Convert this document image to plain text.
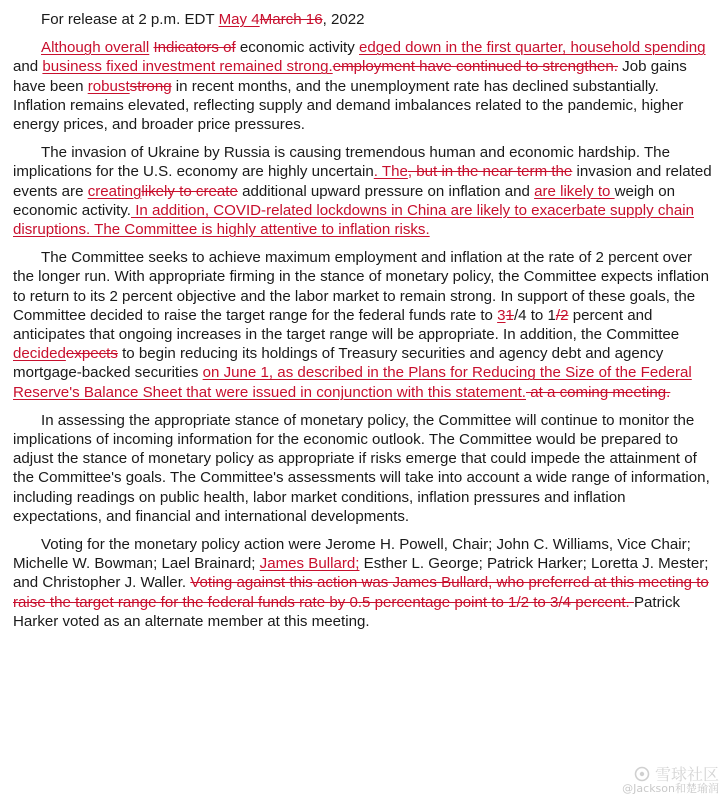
For release at 2 p.m. EDT May 4March 16, 2022

Although overall Indicators of economic activity edged down in the first quarter, household spending and business fixed investment remained strong.employment have continued to strengthen. Job gains have been robuststrong in recent months, and the unemployment rate has declined substantially. Inflation remains elevated, reflecting supply and demand imbalances related to the pandemic, higher energy prices, and broader price pressures.

The invasion of Ukraine by Russia is causing tremendous human and economic hardship. The implications for the U.S. economy are highly uncertain. The, but in the near term the invasion and related events are creatinglikely to create additional upward pressure on inflation and are likely to weigh on economic activity. In addition, COVID-related lockdowns in China are likely to exacerbate supply chain disruptions. The Committee is highly attentive to inflation risks.

The Committee seeks to achieve maximum employment and inflation at the rate of 2 percent over the longer run. With appropriate firming in the stance of monetary policy, the Committee expects inflation to return to its 2 percent objective and the labor market to remain strong. In support of these goals, the Committee decided to raise the target range for the federal funds rate to 31/4 to 1/2 percent and anticipates that ongoing increases in the target range will be appropriate. In addition, the Committee decidedexpects to begin reducing its holdings of Treasury securities and agency debt and agency mortgage-backed securities on June 1, as described in the Plans for Reducing the Size of the Federal Reserve's Balance Sheet that were issued in conjunction with this statement. at a coming meeting.

In assessing the appropriate stance of monetary policy, the Committee will continue to monitor the implications of incoming information for the economic outlook. The Committee would be prepared to adjust the stance of monetary policy as appropriate if risks emerge that could impede the attainment of the Committee's goals. The Committee's assessments will take into account a wide range of information, including readings on public health, labor market conditions, inflation pressures and inflation expectations, and financial and international developments.

Voting for the monetary policy action were Jerome H. Powell, Chair; John C. Williams, Vice Chair; Michelle W. Bowman; Lael Brainard; James Bullard; Esther L. George; Patrick Harker; Loretta J. Mester; and Christopher J. Waller. Voting against this action was James Bullard, who preferred at this meeting to raise the target range for the federal funds rate by 0.5 percentage point to 1/2 to 3/4 percent. Patrick Harker voted as an alternate member at this meeting.

雪球社区
@Jackson和楚瑜润
